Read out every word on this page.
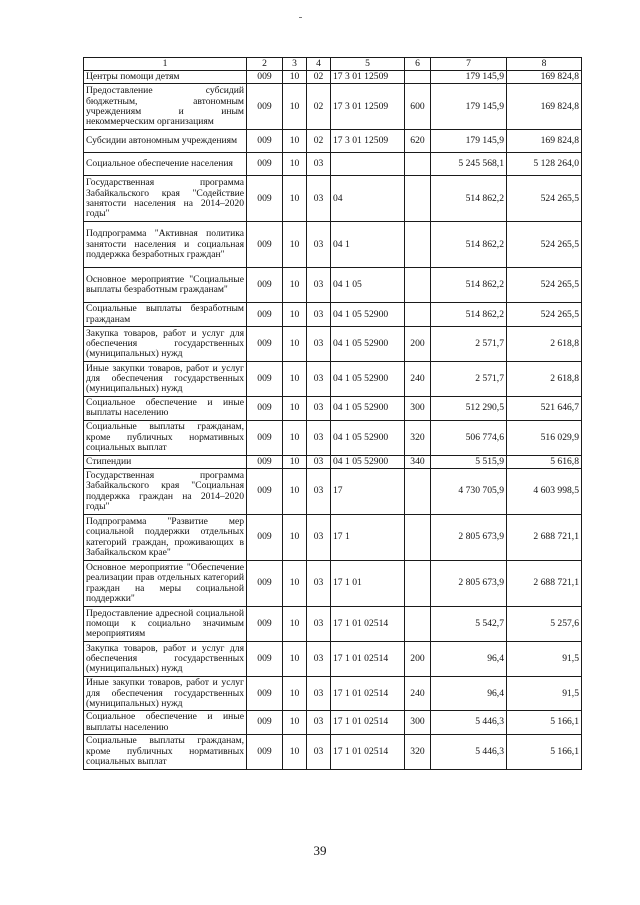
1	2	3	4	5	6	7	8
Центры помощи детям	009	10	02	17 3 01 12509		179 145,9	169 824,8
Предоставление субсидий бюджетным, автономным учреждениям и иным некоммерческим организациям	009	10	02	17 3 01 12509	600	179 145,9	169 824,8
Субсидии автономным учреждениям	009	10	02	17 3 01 12509	620	179 145,9	169 824,8
Социальное обеспечение населения	009	10	03			5 245 568,1	5 128 264,0
Государственная программа Забайкальского края "Содействие занятости населения на 2014–2020 годы"	009	10	03	04		514 862,2	524 265,5
Подпрограмма "Активная политика занятости населения и социальная поддержка безработных граждан"	009	10	03	04 1		514 862,2	524 265,5
Основное мероприятие "Социальные выплаты безработным гражданам"	009	10	03	04 1 05		514 862,2	524 265,5
Социальные выплаты безработным гражданам	009	10	03	04 1 05 52900		514 862,2	524 265,5
Закупка товаров, работ и услуг для обеспечения государственных (муниципальных) нужд	009	10	03	04 1 05 52900	200	2 571,7	2 618,8
Иные закупки товаров, работ и услуг для обеспечения государственных (муниципальных) нужд	009	10	03	04 1 05 52900	240	2 571,7	2 618,8
Социальное обеспечение и иные выплаты населению	009	10	03	04 1 05 52900	300	512 290,5	521 646,7
Социальные выплаты гражданам, кроме публичных нормативных социальных выплат	009	10	03	04 1 05 52900	320	506 774,6	516 029,9
Стипендии	009	10	03	04 1 05 52900	340	5 515,9	5 616,8
Государственная программа Забайкальского края "Социальная поддержка граждан на 2014–2020 годы"	009	10	03	17		4 730 705,9	4 603 998,5
Подпрограмма "Развитие мер социальной поддержки отдельных категорий граждан, проживающих в Забайкальском крае"	009	10	03	17 1		2 805 673,9	2 688 721,1
Основное мероприятие "Обеспечение реализации прав отдельных категорий граждан на меры социальной поддержки"	009	10	03	17 1 01		2 805 673,9	2 688 721,1
Предоставление адресной социальной помощи к социально значимым мероприятиям	009	10	03	17 1 01 02514		5 542,7	5 257,6
Закупка товаров, работ и услуг для обеспечения государственных (муниципальных) нужд	009	10	03	17 1 01 02514	200	96,4	91,5
Иные закупки товаров, работ и услуг для обеспечения государственных (муниципальных) нужд	009	10	03	17 1 01 02514	240	96,4	91,5
Социальное обеспечение и иные выплаты населению	009	10	03	17 1 01 02514	300	5 446,3	5 166,1
Социальные выплаты гражданам, кроме публичных нормативных социальных выплат	009	10	03	17 1 01 02514	320	5 446,3	5 166,1
39
